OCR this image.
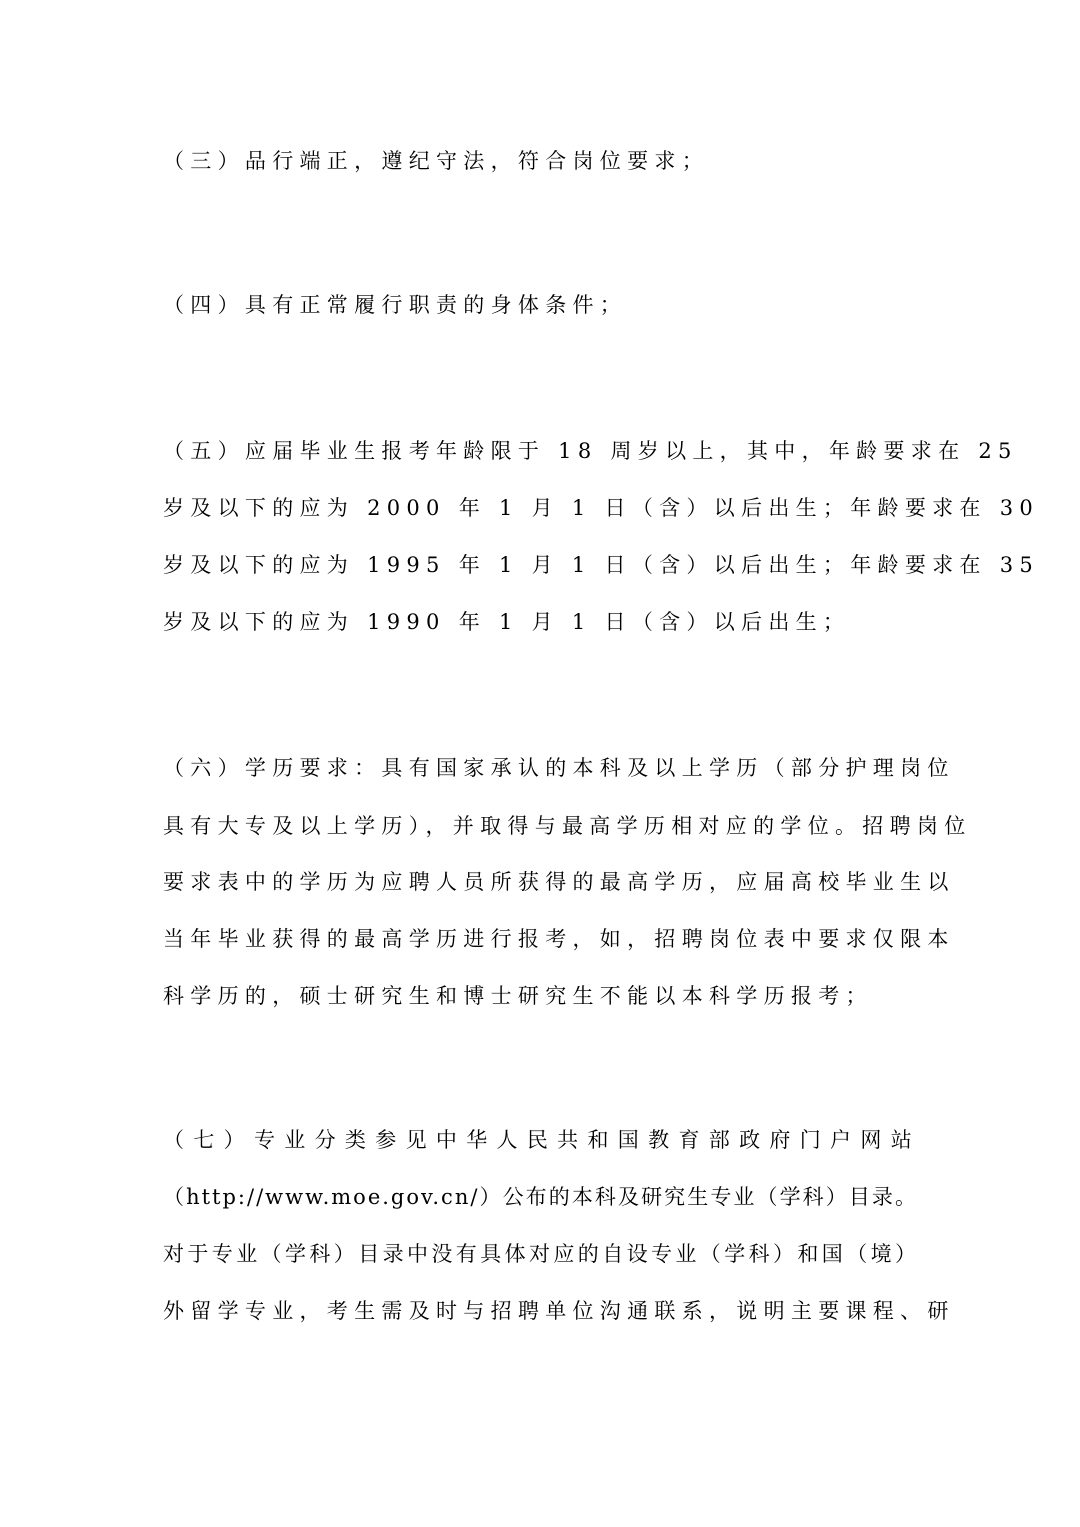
（三）品行端正，遵纪守法，符合岗位要求；
（四）具有正常履行职责的身体条件；
（五）应届毕业生报考年龄限于 18 周岁以上，其中，年龄要求在 25
岁及以下的应为 2000 年 1 月 1 日（含）以后出生；年龄要求在 30
岁及以下的应为 1995 年 1 月 1 日（含）以后出生；年龄要求在 35
岁及以下的应为 1990 年 1 月 1 日（含）以后出生；
（六）学历要求：具有国家承认的本科及以上学历（部分护理岗位
具有大专及以上学历），并取得与最高学历相对应的学位。招聘岗位
要求表中的学历为应聘人员所获得的最高学历，应届高校毕业生以
当年毕业获得的最高学历进行报考，如，招聘岗位表中要求仅限本
科学历的，硕士研究生和博士研究生不能以本科学历报考；
（七）专业分类参见中华人民共和国教育部政府门户网站
（http://www.moe.gov.cn/）公布的本科及研究生专业（学科）目录。
对于专业（学科）目录中没有具体对应的自设专业（学科）和国（境）
外留学专业，考生需及时与招聘单位沟通联系，说明主要课程、研
